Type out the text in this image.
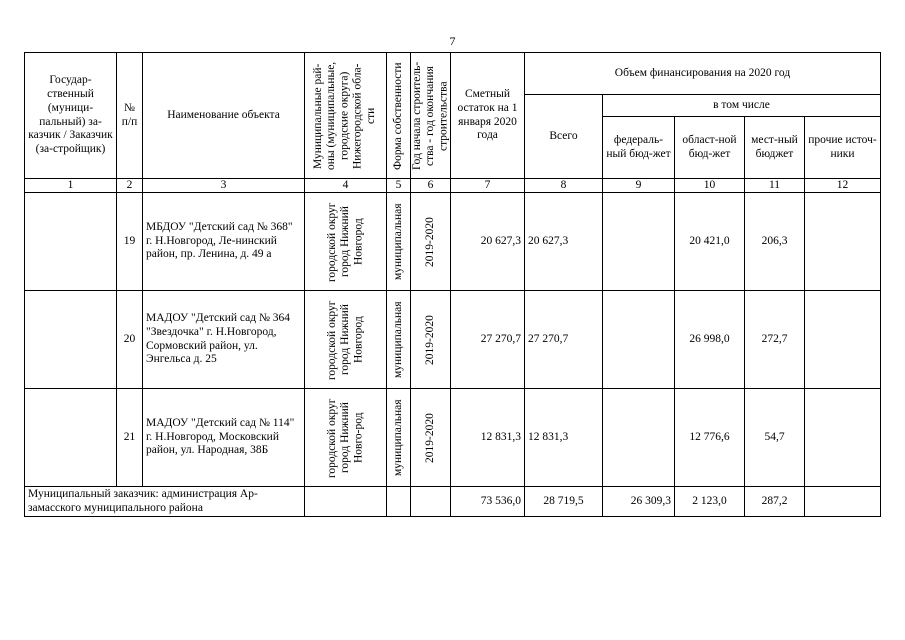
7
Государ-ственный (муници-пальный) за-казчик / Заказчик (за-стройщик)	№ п/п	Наименование объекта	Муниципальные рай-оны (муниципальные, городские округа) Нижегородской обла-сти	Форма собственности	Год начала строитель-ства - год окончания строительства	Сметный остаток на 1 января 2020 года	Объем финансирования на 2020 год				
							Всего	в том числе			
								федераль-ный бюд-жет	област-ной бюд-жет	мест-ный бюджет	прочие источ-ники
1	2	3	4	5	6	7	8	9	10	11	12
	19	МБДОУ "Детский сад № 368" г. Н.Новгород, Ле-нинский район, пр. Ленина, д. 49 а	городской округ город Нижний Новгород	муниципальная	2019-2020	20 627,3	20 627,3		20 421,0	206,3	
	20	МАДОУ "Детский сад № 364 "Звездочка" г. Н.Новгород, Сормовский район, ул. Энгельса д. 25	городской округ город Нижний Новгород	муниципальная	2019-2020	27 270,7	27 270,7		26 998,0	272,7	
	21	МАДОУ "Детский сад № 114" г. Н.Новгород, Московский район, ул. Народная, 38Б	городской округ город Нижний Новго-род	муниципальная	2019-2020	12 831,3	12 831,3		12 776,6	54,7	
Муниципальный заказчик: администрация Ар-замасского муниципального района						73 536,0	28 719,5	26 309,3	2 123,0	287,2	
